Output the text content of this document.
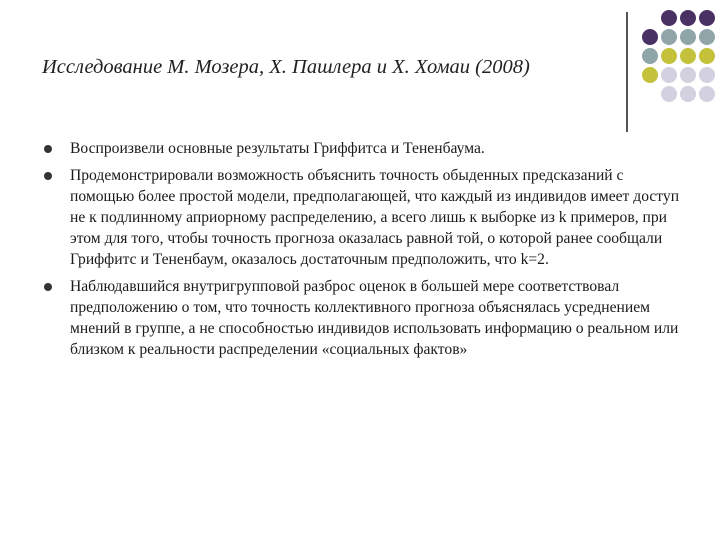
Исследование М. Мозера, Х. Пашлера и Х. Хомаи (2008)
Воспроизвели основные результаты Гриффитса и Тененбаума.
Продемонстрировали возможность объяснить точность обыденных предсказаний с помощью более простой модели, предполагающей, что каждый из индивидов имеет доступ не к подлинному априорному распределению, а всего лишь к выборке из k примеров, при этом для того, чтобы точность прогноза оказалась равной той, о которой ранее сообщали Гриффитс и Тененбаум, оказалось достаточным предположить, что k=2.
Наблюдавшийся внутригрупповой разброс оценок в большей мере соответствовал предположению о том, что точность коллективного прогноза объяснялась усреднением мнений в группе, а не способностью индивидов использовать информацию о реальном или близком к реальности распределении «социальных фактов»
